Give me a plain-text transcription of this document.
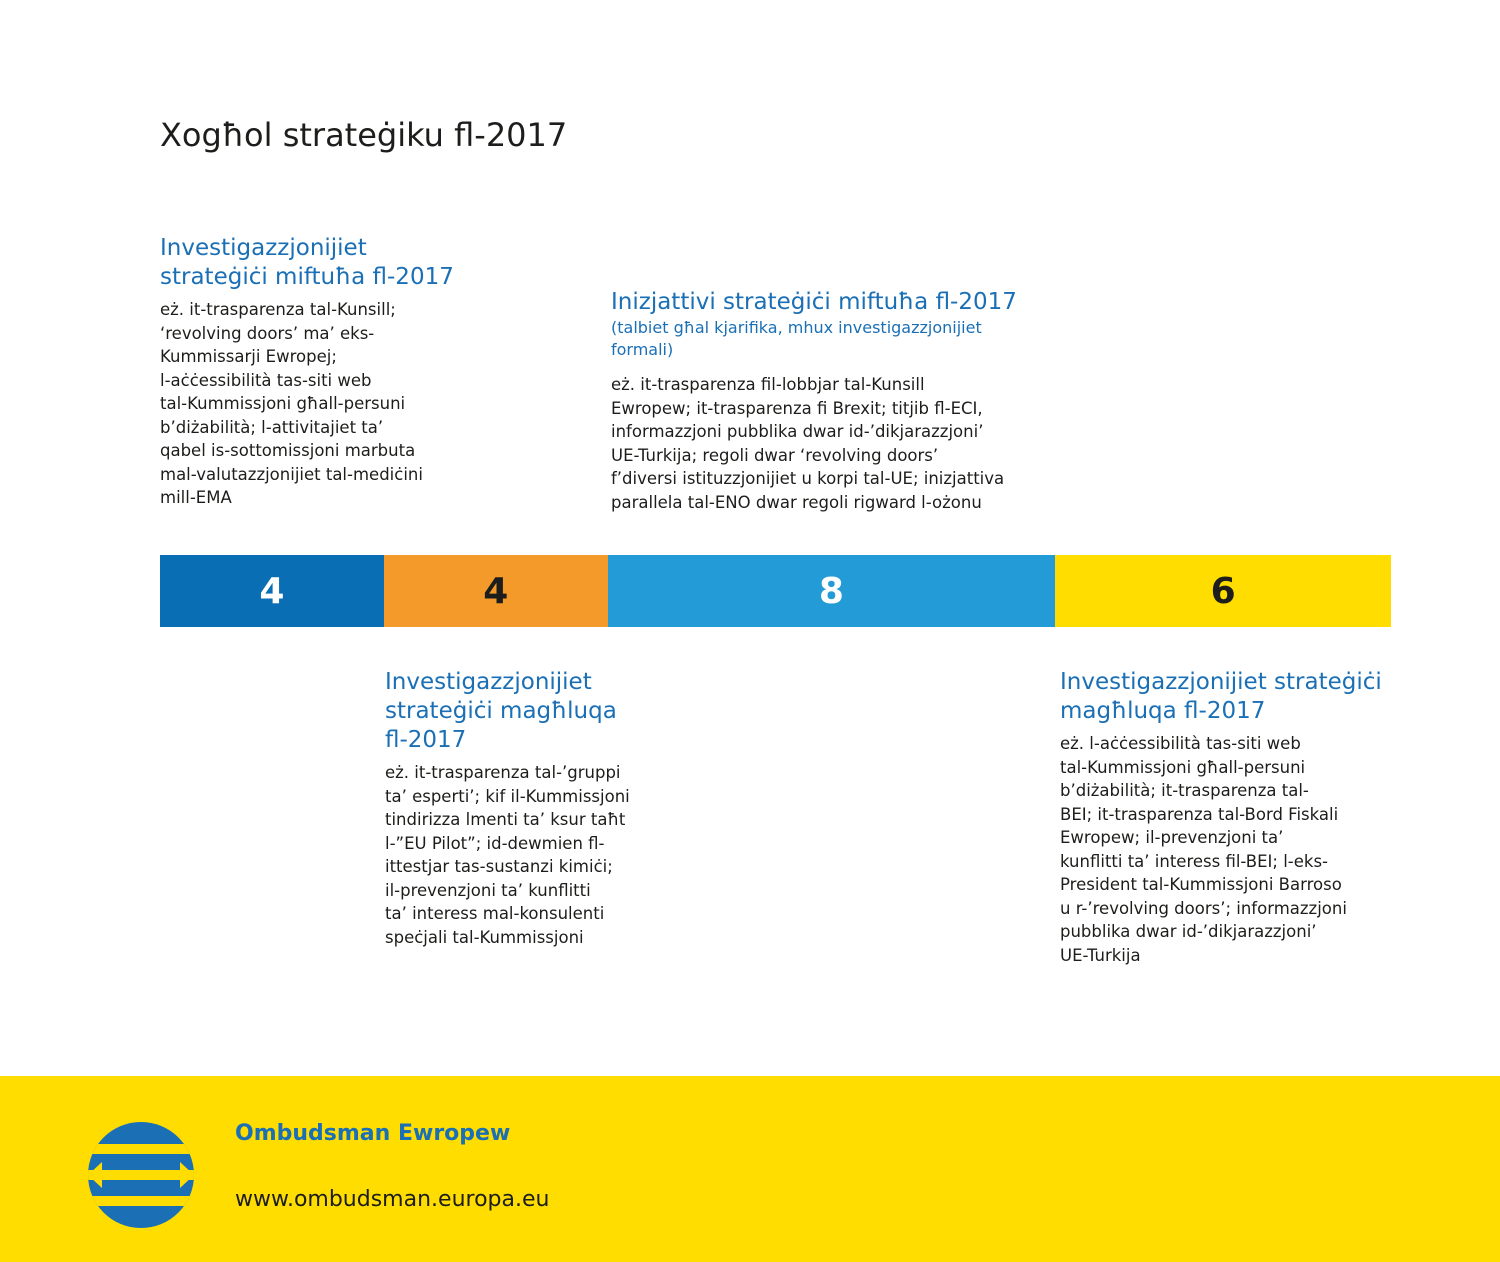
Xogħol strateġiku fl-2017
Investigazzjonijiet
strateġiċi miftuħa fl-2017
eż. it-trasparenza tal-Kunsill;
‘revolving doors’ ma’ eks-
Kummissarji Ewropej;
l-aċċessibilità tas-siti web
tal-Kummissjoni għall-persuni
b’diżabilità; l-attivitajiet ta’
qabel is-sottomissjoni marbuta
mal-valutazzjonijiet tal-mediċini
mill-EMA
Inizjattivi strateġiċi miftuħa fl-2017
(talbiet għal kjarifika, mhux investigazzjonijiet
formali)
eż. it-trasparenza fil-lobbjar tal-Kunsill
Ewropew; it-trasparenza fi Brexit; titjib fl-ECI,
informazzjoni pubblika dwar id-’dikjarazzjoni’
UE-Turkija; regoli dwar ‘revolving doors’
f’diversi istituzzjonijiet u korpi tal-UE; inizjattiva
parallela tal-ENO dwar regoli rigward l-ożonu
4	4	8	6
Investigazzjonijiet
strateġiċi magħluqa
fl-2017
eż. it-trasparenza tal-’gruppi
ta’ esperti’; kif il-Kummissjoni
tindirizza lmenti ta’ ksur taħt
l-”EU Pilot”; id-dewmien fl-
ittestjar tas-sustanzi kimiċi;
il-prevenzjoni ta’ kunflitti
ta’ interess mal-konsulenti
speċjali tal-Kummissjoni
Investigazzjonijiet strateġiċi
magħluqa fl-2017
eż. l-aċċessibilità tas-siti web
tal-Kummissjoni għall-persuni
b’diżabilità; it-trasparenza tal-
BEI; it-trasparenza tal-Bord Fiskali
Ewropew; il-prevenzjoni ta’
kunflitti ta’ interess fil-BEI; l-eks-
President tal-Kummissjoni Barroso
u r-’revolving doors’; informazzjoni
pubblika dwar id-’dikjarazzjoni’
UE-Turkija
Ombudsman Ewropew
www.ombudsman.europa.eu
